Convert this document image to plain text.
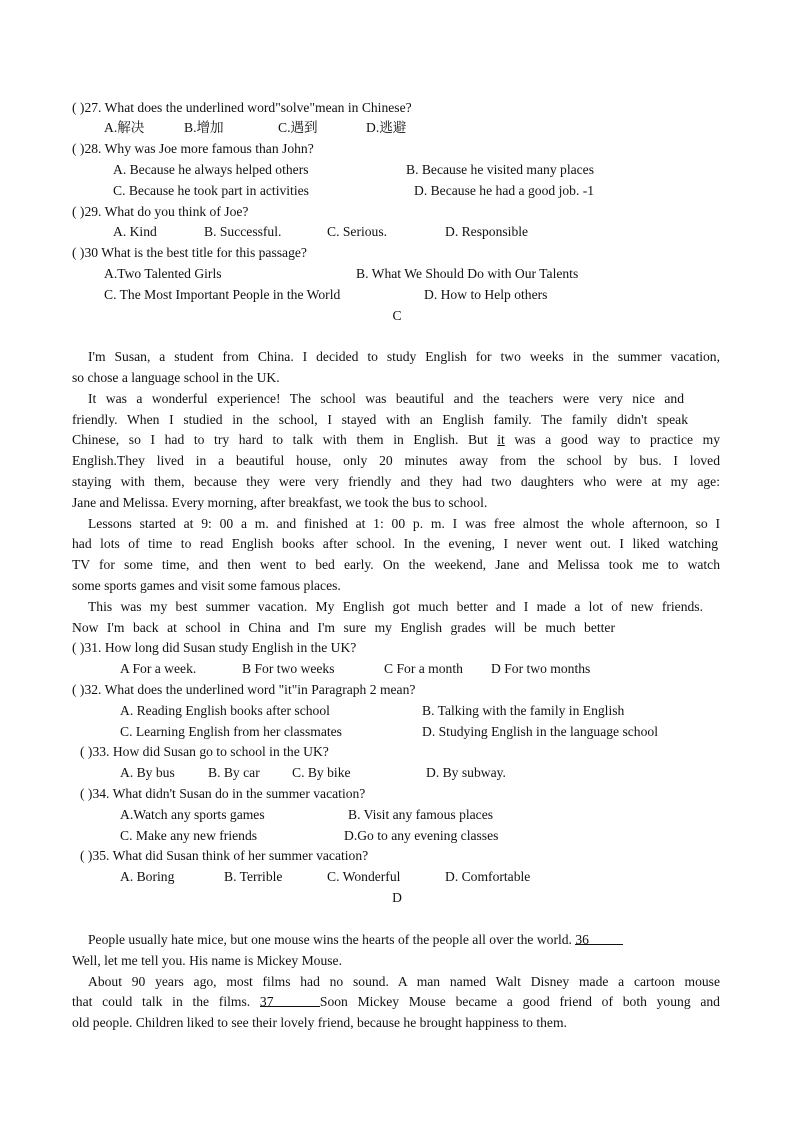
( )27. What does the underlined word"solve"mean in Chinese?
A.解决	B.增加	C.遇到	D.逃避
( )28. Why was Joe more famous than John?
A. Because he always helped others	B. Because he visited many places
C. Because he took part in activities	D. Because he had a good job. -1
( )29. What do you think of Joe?
A. Kind	B. Successful.	C. Serious.	D. Responsible
( )30 What is the best title for this passage?
A.Two Talented Girls	B. What We Should Do with Our Talents
C. The Most Important People in the World	D. How to Help others
C
I'm Susan, a student from China. I decided to study English for two weeks in the summer vacation,
so chose a language school in the UK.
It was a wonderful experience! The school was beautiful and the teachers were very nice and
friendly. When I studied in the school, I stayed with an English family. The family didn't speak
Chinese, so I had to try hard to talk with them in English. But it was a good way to practice my
English.They lived in a beautiful house, only 20 minutes away from the school by bus. I loved
staying with them, because they were very friendly and they had two daughters who were at my age:
Jane and Melissa. Every morning, after breakfast, we took the bus to school.
Lessons started at 9: 00 a m. and finished at 1: 00 p. m. I was free almost the whole afternoon, so I
had lots of time to read English books after school. In the evening, I never went out. I liked watching
TV for some time, and then went to bed early. On the weekend, Jane and Melissa took me to watch
some sports games and visit some famous places.
This was my best summer vacation. My English got much better and I made a lot of new friends.
Now I'm back at school in China and I'm sure my English grades will be much better
( )31. How long did Susan study English in the UK?
A For a week.	B For two weeks	C For a month D For two months
( )32. What does the underlined word "it"in Paragraph 2 mean?
A. Reading English books after school	B. Talking with the family in English
C. Learning English from her classmates	D. Studying English in the language school
( )33. How did Susan go to school in the UK?
A. By bus B. By car C. By bike	D. By subway.
( )34. What didn't Susan do in the summer vacation?
A.Watch any sports games	B. Visit any famous places
C. Make any new friends	D.Go to any evening classes
( )35. What did Susan think of her summer vacation?
A. Boring	B. Terrible	C. Wonderful	D. Comfortable
D
People usually hate mice, but one mouse wins the hearts of the people all over the world. 36
Well, let me tell you. His name is Mickey Mouse.
About 90 years ago, most films had no sound. A man named Walt Disney made a cartoon mouse
that could talk in the films. 37	Soon Mickey Mouse became a good friend of both young and
old people. Children liked to see their lovely friend, because he brought happiness to them.
